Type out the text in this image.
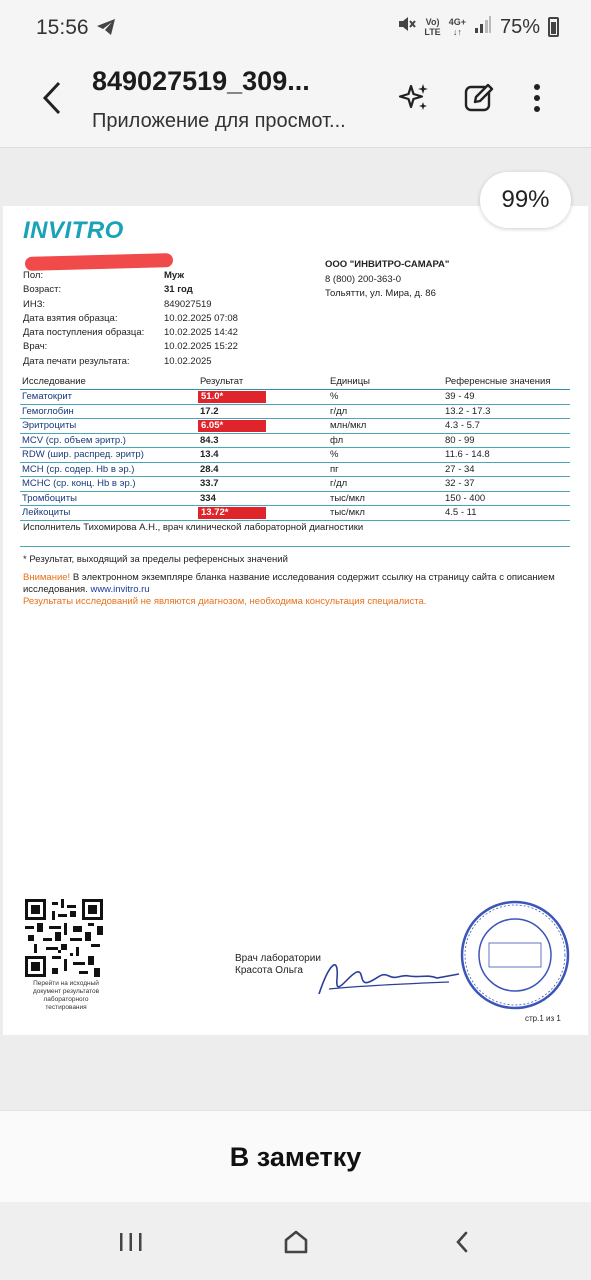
15:56	Vo)
LTE
4G+
↓↑ 75%
849027519_309...
Приложение для просмот...
99%
INVITRO
Пол:	Муж
Возраст:	31 год
ИНЗ:	849027519
Дата взятия образца:	10.02.2025 07:08
Дата поступления образца:	10.02.2025 14:42
Врач:	10.02.2025 15:22
Дата печати результата:	10.02.2025
ООО "ИНВИТРО-САМАРА"
8 (800) 200-363-0
Тольятти, ул. Мира, д. 86
Исследование	Результат	Единицы	Референсные значения
Гематокрит	51.0*	%	39 - 49
Гемоглобин	17.2	г/дл	13.2 - 17.3
Эритроциты	6.05*	млн/мкл	4.3 - 5.7
MCV (ср. объем эритр.)	84.3	фл	80 - 99
RDW (шир. распред. эритр)	13.4	%	11.6 - 14.8
MCH (ср. содер. Hb в эр.)	28.4	пг	27 - 34
MCHC (ср. конц. Hb в эр.)	33.7	г/дл	32 - 37
Тромбоциты	334	тыс/мкл	150 - 400
Лейкоциты	13.72*	тыс/мкл	4.5 - 11
Исполнитель Тихомирова А.Н., врач клинической лабораторной диагностики
* Результат, выходящий за пределы референсных значений
Внимание! В электронном экземпляре бланка название исследования содержит ссылку на страницу сайта с описанием исследования. www.invitro.ru
Результаты исследований не являются диагнозом, необходима консультация специалиста.
Перейти на исходный документ результатов лабораторного тестирования
Врач лаборатории
Красота Ольга
стр.1 из 1
В заметку
